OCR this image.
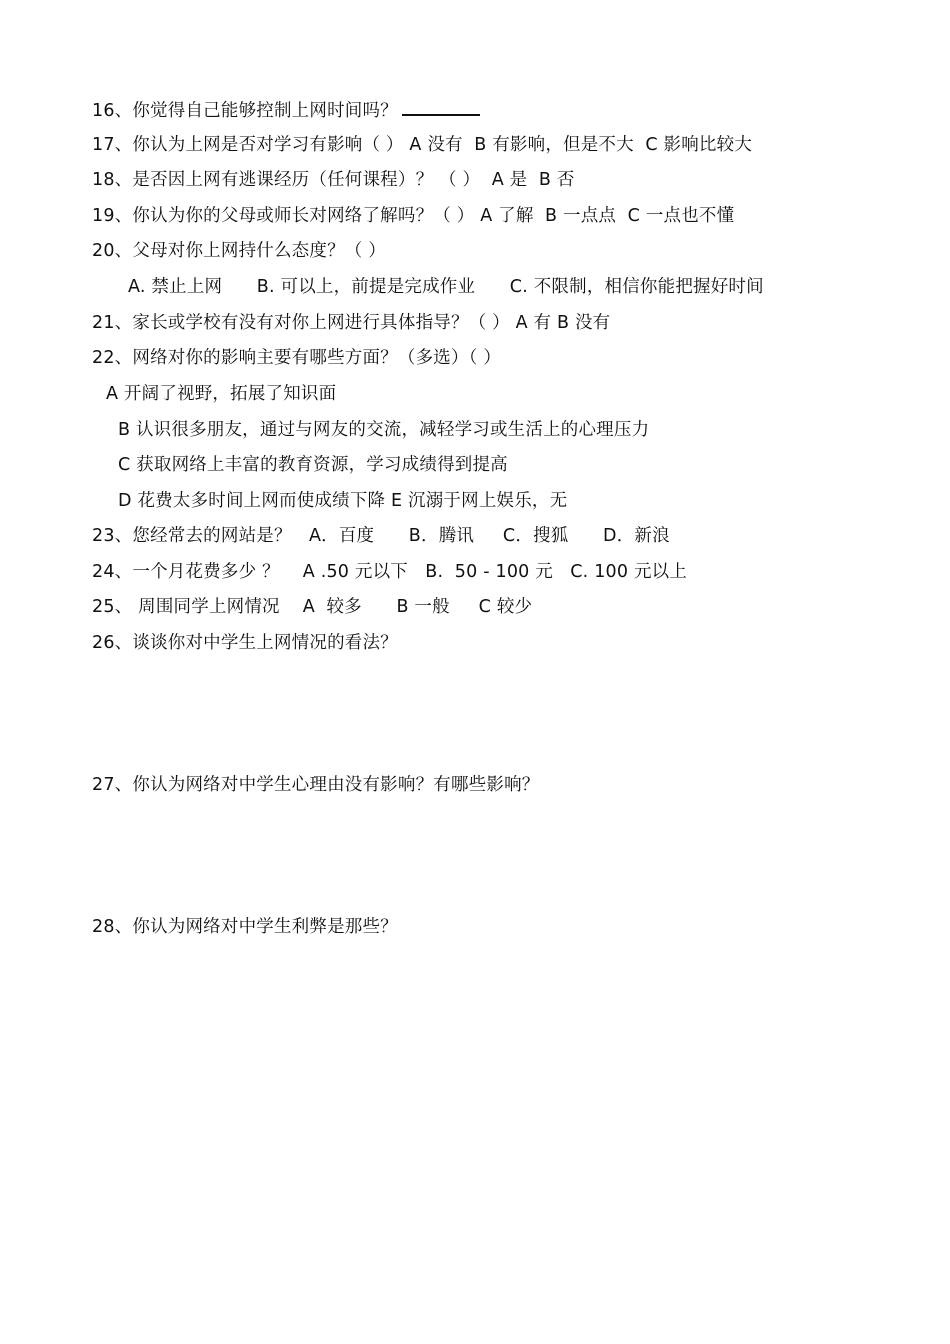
16、你觉得自己能够控制上网时间吗？
17、你认为上网是否对学习有影响（ ） A 没有  B 有影响，但是不大  C 影响比较大
18、是否因上网有逃课经历（任何课程）？ （ ）  A 是  B 否
19、你认为你的父母或师长对网络了解吗？（ ） A 了解  B 一点点  C 一点也不懂
20、父母对你上网持什么态度？（ ）
A. 禁止上网      B. 可以上，前提是完成作业      C. 不限制，相信你能把握好时间
21、家长或学校有没有对你上网进行具体指导？（ ） A 有 B 没有
22、网络对你的影响主要有哪些方面？（多选）（ ）
A 开阔了视野，拓展了知识面
B 认识很多朋友，通过与网友的交流，减轻学习或生活上的心理压力
C 获取网络上丰富的教育资源，学习成绩得到提高
D 花费太多时间上网而使成绩下降 E 沉溺于网上娱乐，无
23、您经常去的网站是？   A．百度      B．腾讯     C．搜狐      D．新浪
24、一个月花费多少 ？    A .50 元以下   B.  50 - 100 元   C. 100 元以上
25、 周围同学上网情况    A  较多      B 一般     C 较少
26、谈谈你对中学生上网情况的看法？
27、你认为网络对中学生心理由没有影响？有哪些影响？
28、你认为网络对中学生利弊是那些？
